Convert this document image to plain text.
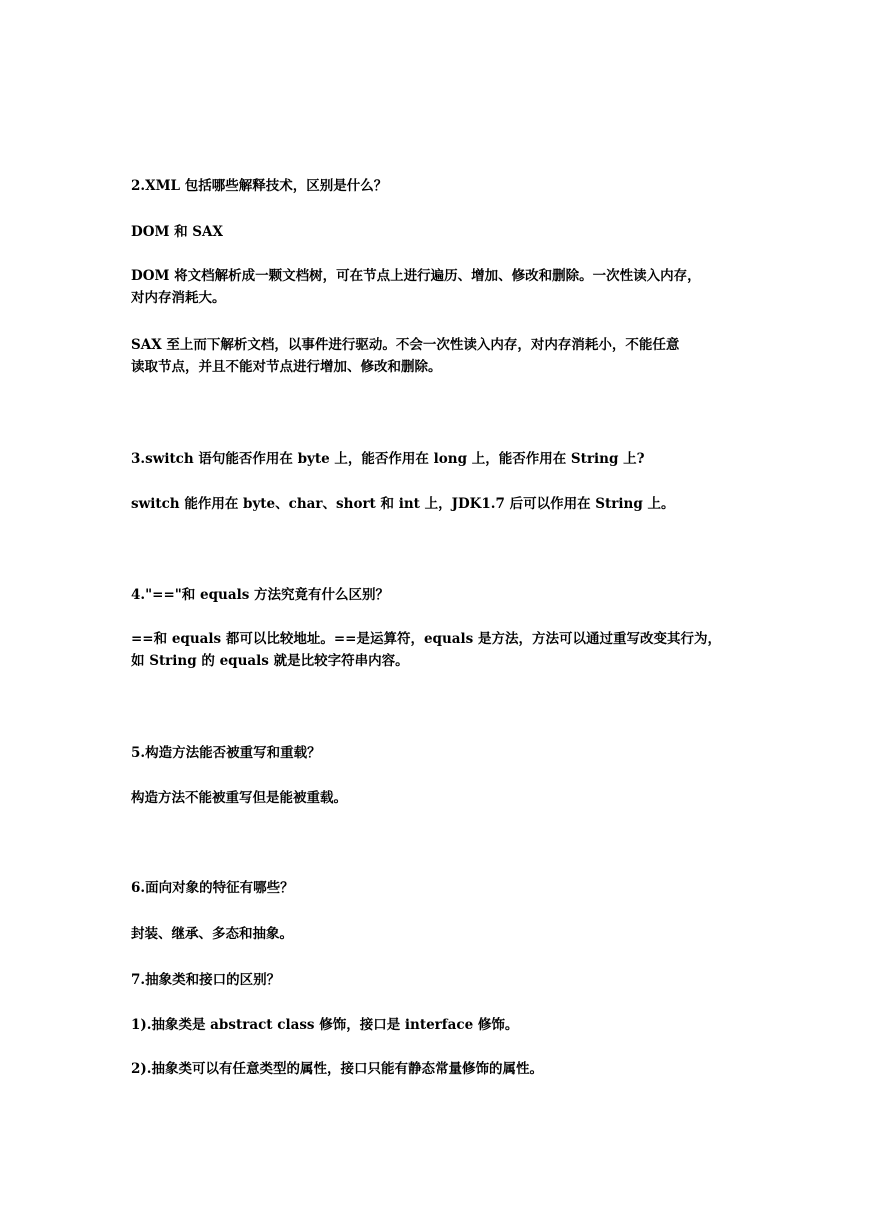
2.XML 包括哪些解释技术，区别是什么？
DOM 和 SAX
DOM 将文档解析成一颗文档树，可在节点上进行遍历、增加、修改和删除。一次性读入内存，
对内存消耗大。
SAX 至上而下解析文档，以事件进行驱动。不会一次性读入内存，对内存消耗小，不能任意
读取节点，并且不能对节点进行增加、修改和删除。
3.switch 语句能否作用在 byte 上，能否作用在 long 上，能否作用在 String 上?
switch 能作用在 byte、char、short 和 int 上，JDK1.7 后可以作用在 String 上。
4."=="和 equals 方法究竟有什么区别？
==和 equals 都可以比较地址。==是运算符，equals 是方法，方法可以通过重写改变其行为，
如 String 的 equals 就是比较字符串内容。
5.构造方法能否被重写和重载？
构造方法不能被重写但是能被重载。
6.面向对象的特征有哪些？
封装、继承、多态和抽象。
7.抽象类和接口的区别？
1).抽象类是 abstract class 修饰，接口是 interface 修饰。
2).抽象类可以有任意类型的属性，接口只能有静态常量修饰的属性。
